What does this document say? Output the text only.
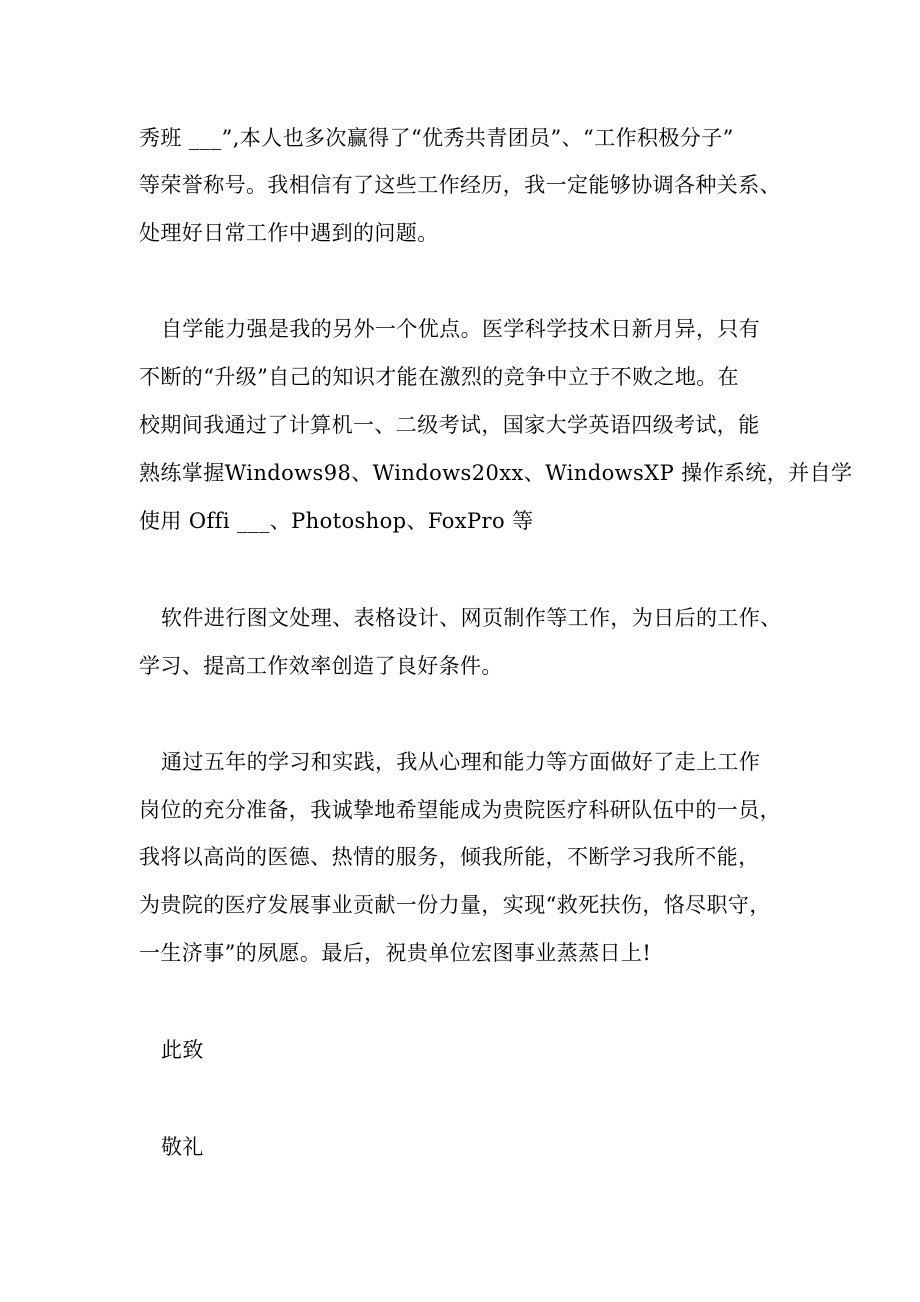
秀班 ___”,本人也多次赢得了“优秀共青团员”、“工作积极分子”
等荣誉称号。我相信有了这些工作经历，我一定能够协调各种关系、
处理好日常工作中遇到的问题。
自学能力强是我的另外一个优点。医学科学技术日新月异，只有
不断的“升级”自己的知识才能在激烈的竞争中立于不败之地。在
校期间我通过了计算机一、二级考试，国家大学英语四级考试，能
熟练掌握Windows98、Windows20xx、WindowsXP 操作系统，并自学
使用 Offi ___、Photoshop、FoxPro 等
软件进行图文处理、表格设计、网页制作等工作，为日后的工作、
学习、提高工作效率创造了良好条件。
通过五年的学习和实践，我从心理和能力等方面做好了走上工作
岗位的充分准备，我诚挚地希望能成为贵院医疗科研队伍中的一员，
我将以高尚的医德、热情的服务，倾我所能，不断学习我所不能，
为贵院的医疗发展事业贡献一份力量，实现“救死扶伤，恪尽职守，
一生济事”的夙愿。最后，祝贵单位宏图事业蒸蒸日上!
此致
敬礼
